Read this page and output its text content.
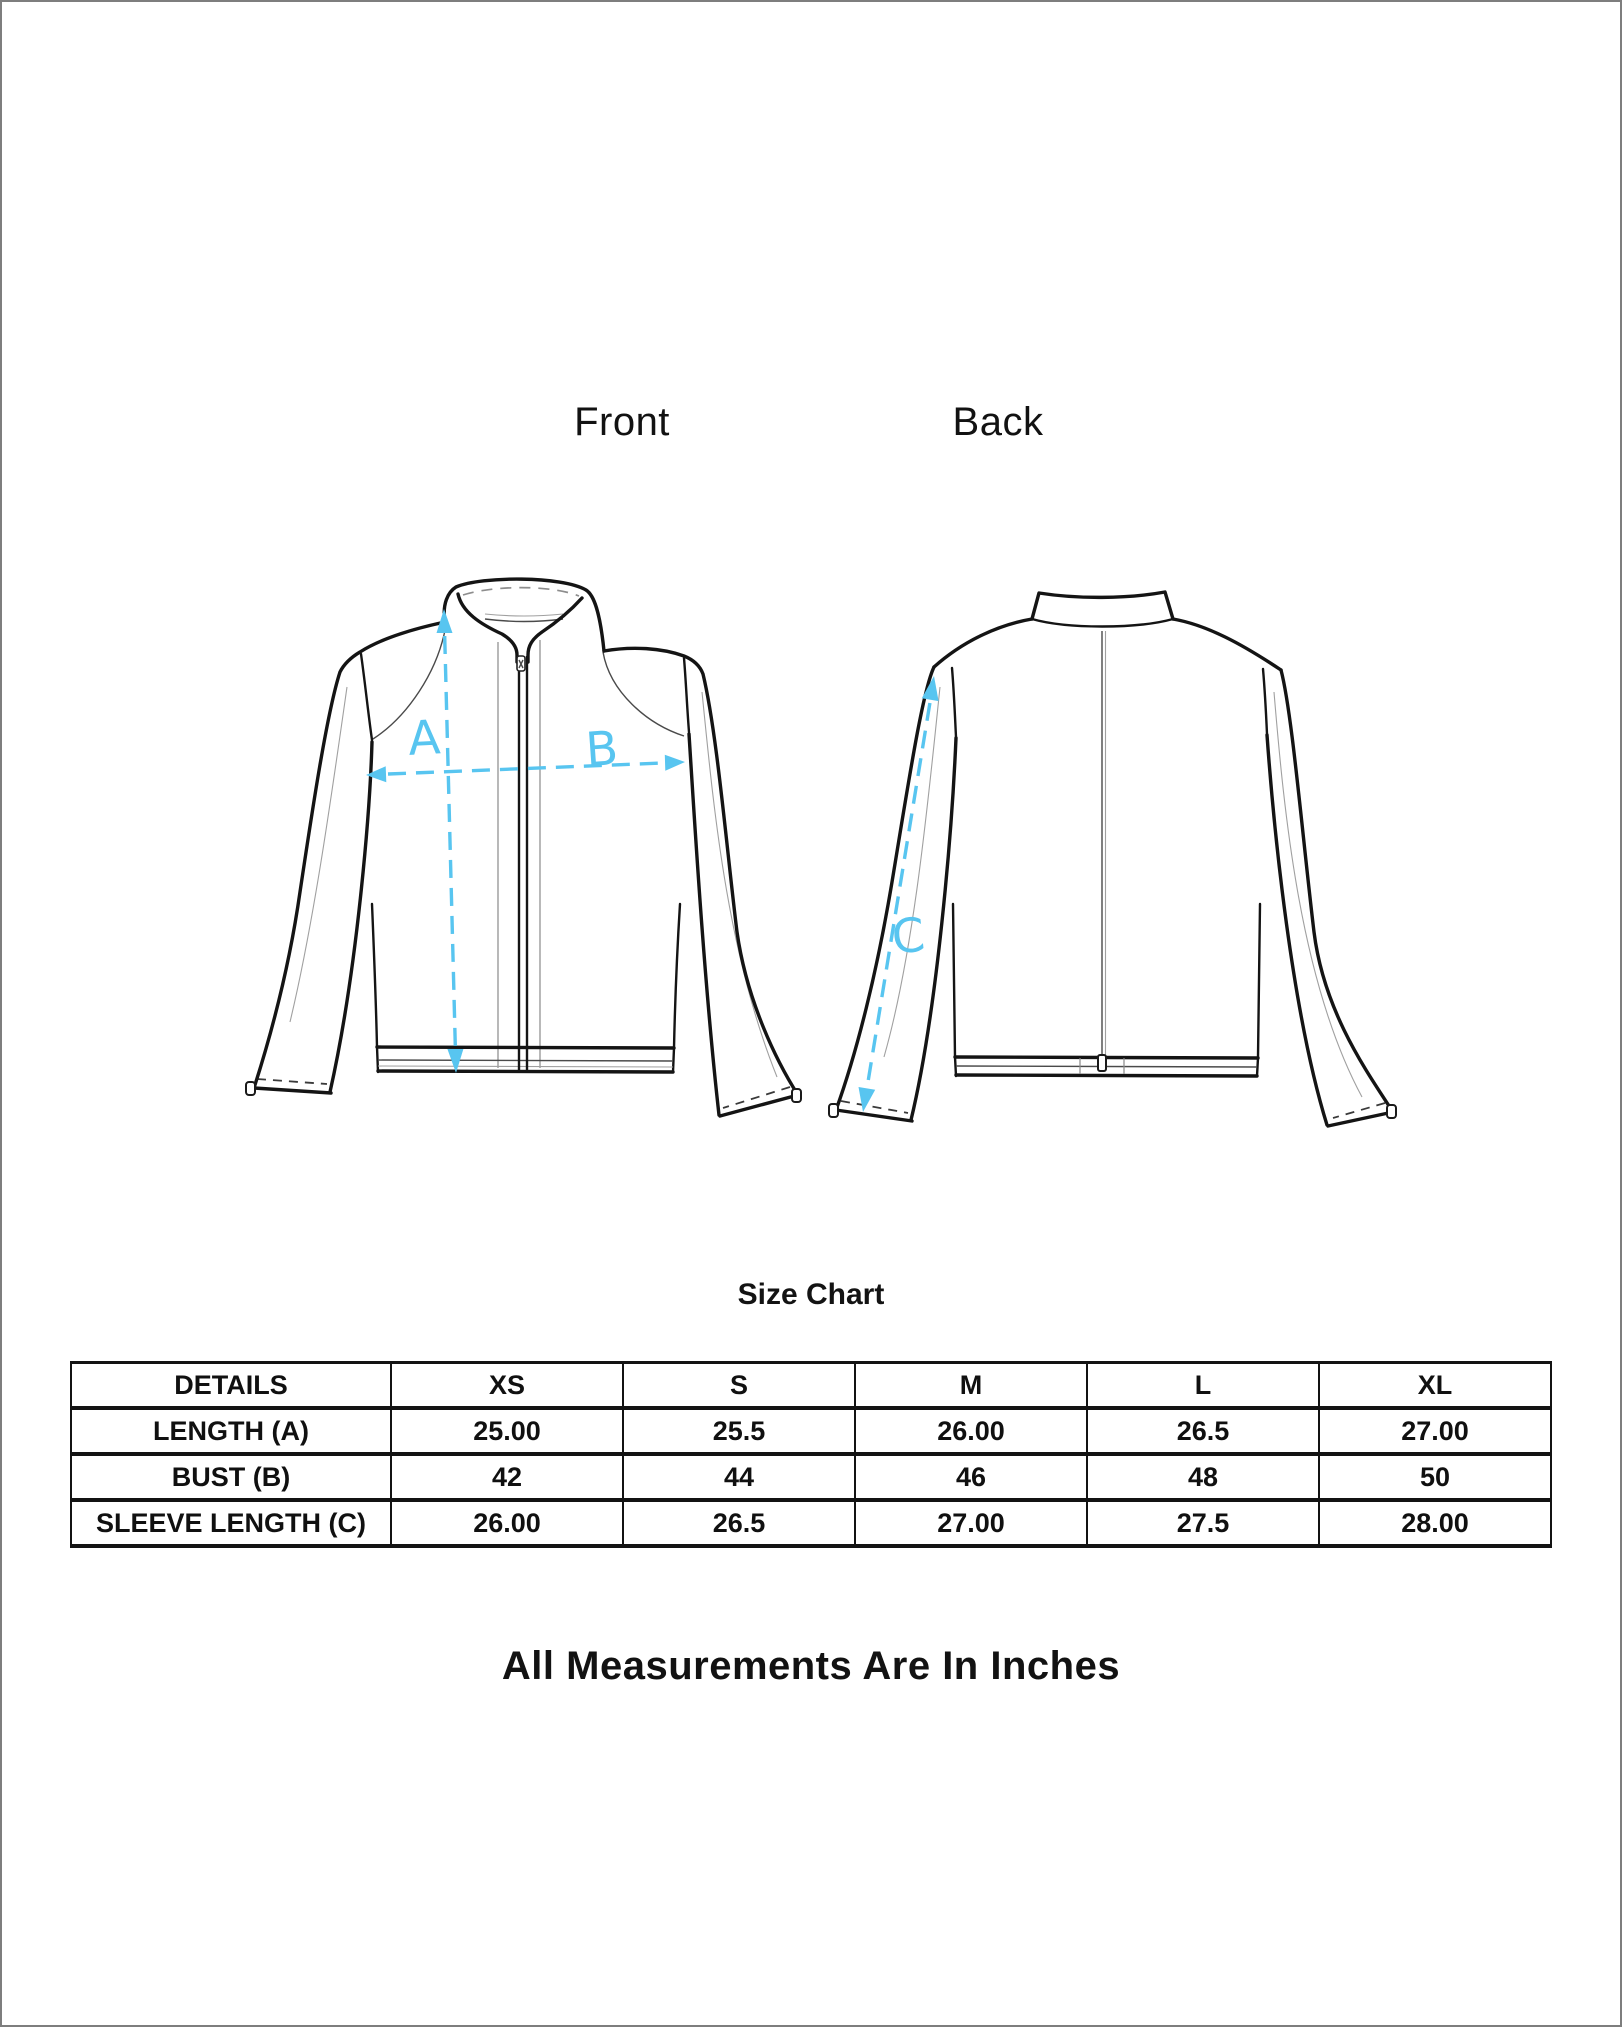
Front	Back
A	B
C
Size Chart
DETAILS	XS	S	M	L	XL
LENGTH (A)	25.00	25.5	26.00	26.5	27.00
BUST (B)	42	44	46	48	50
SLEEVE LENGTH (C)	26.00	26.5	27.00	27.5	28.00
All Measurements Are In Inches
